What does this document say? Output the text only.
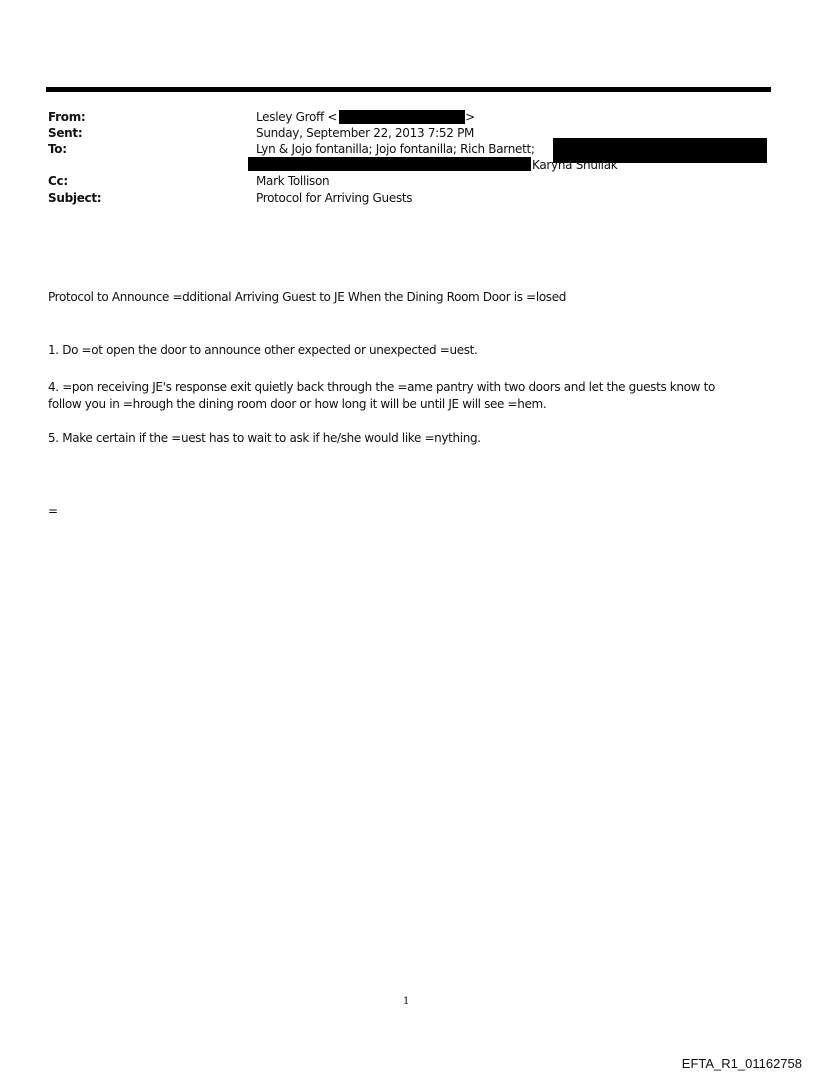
From:	Lesley Groff <	>
Sent:	Sunday, September 22, 2013 7:52 PM
To:	Lyn & Jojo fontanilla; Jojo fontanilla; Rich Barnett;
Karyna Shuliak
Cc:	Mark Tollison
Subject:	Protocol for Arriving Guests
Protocol to Announce =dditional Arriving Guest to JE When the Dining Room Door is =losed
1. Do =ot open the door to announce other expected or unexpected =uest.
4. =pon receiving JE's response exit quietly back through the =ame pantry with two doors and let the guests know to
follow you in =hrough the dining room door or how long it will be until JE will see =hem.
5. Make certain if the =uest has to wait to ask if he/she would like =nything.
=
1
EFTA_R1_01162758
